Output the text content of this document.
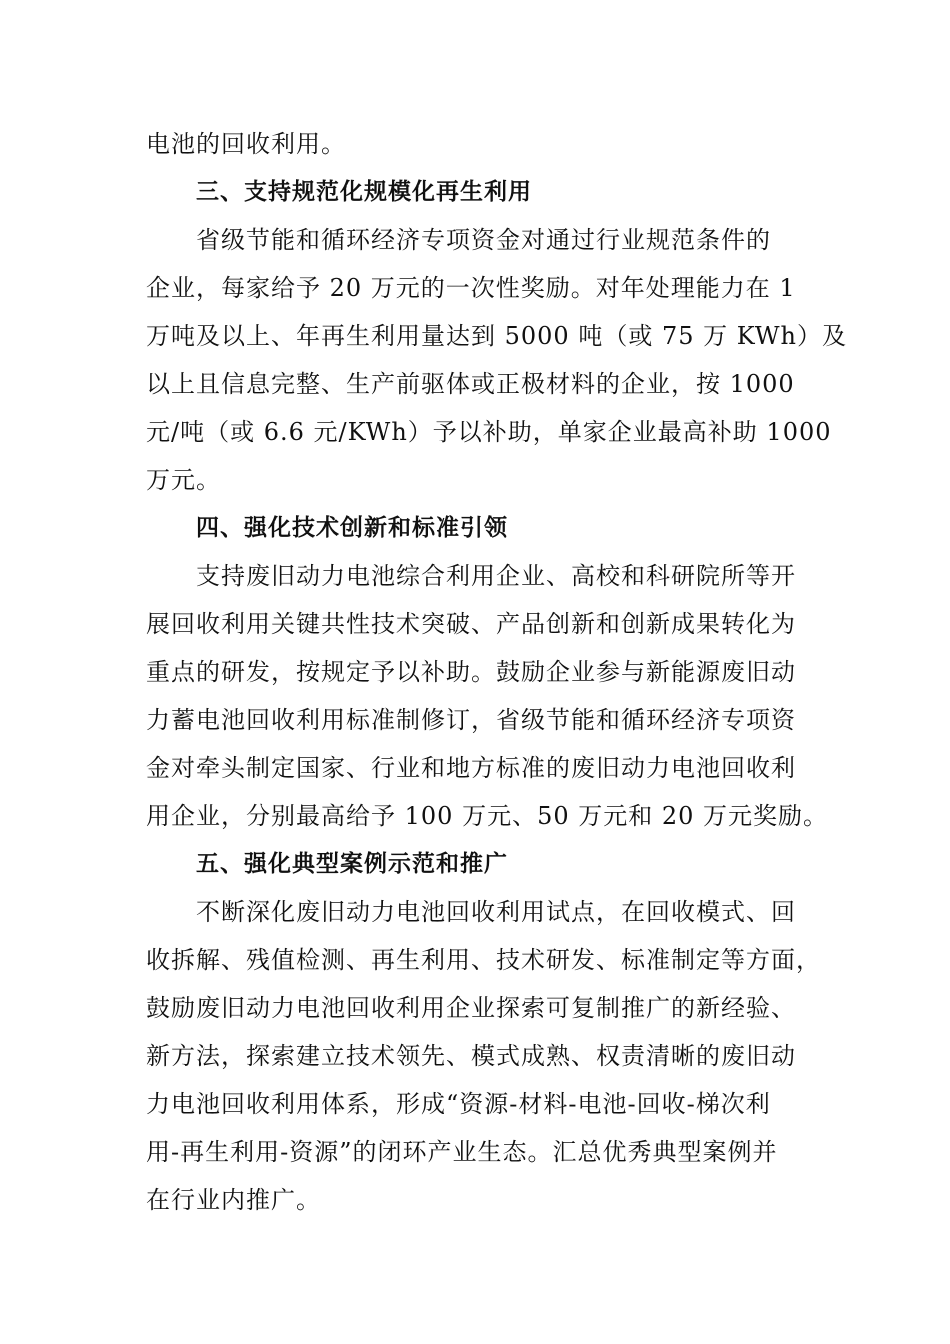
电池的回收利用。
三、支持规范化规模化再生利用
省级节能和循环经济专项资金对通过行业规范条件的
企业，每家给予 20 万元的一次性奖励。对年处理能力在 1
万吨及以上、年再生利用量达到 5000 吨（或 75 万 KWh）及
以上且信息完整、生产前驱体或正极材料的企业，按 1000
元/吨（或 6.6 元/KWh）予以补助，单家企业最高补助 1000
万元。
四、强化技术创新和标准引领
支持废旧动力电池综合利用企业、高校和科研院所等开
展回收利用关键共性技术突破、产品创新和创新成果转化为
重点的研发，按规定予以补助。鼓励企业参与新能源废旧动
力蓄电池回收利用标准制修订，省级节能和循环经济专项资
金对牵头制定国家、行业和地方标准的废旧动力电池回收利
用企业，分别最高给予 100 万元、50 万元和 20 万元奖励。
五、强化典型案例示范和推广
不断深化废旧动力电池回收利用试点，在回收模式、回
收拆解、残值检测、再生利用、技术研发、标准制定等方面，
鼓励废旧动力电池回收利用企业探索可复制推广的新经验、
新方法，探索建立技术领先、模式成熟、权责清晰的废旧动
力电池回收利用体系，形成“资源-材料-电池-回收-梯次利
用-再生利用-资源”的闭环产业生态。汇总优秀典型案例并
在行业内推广。
